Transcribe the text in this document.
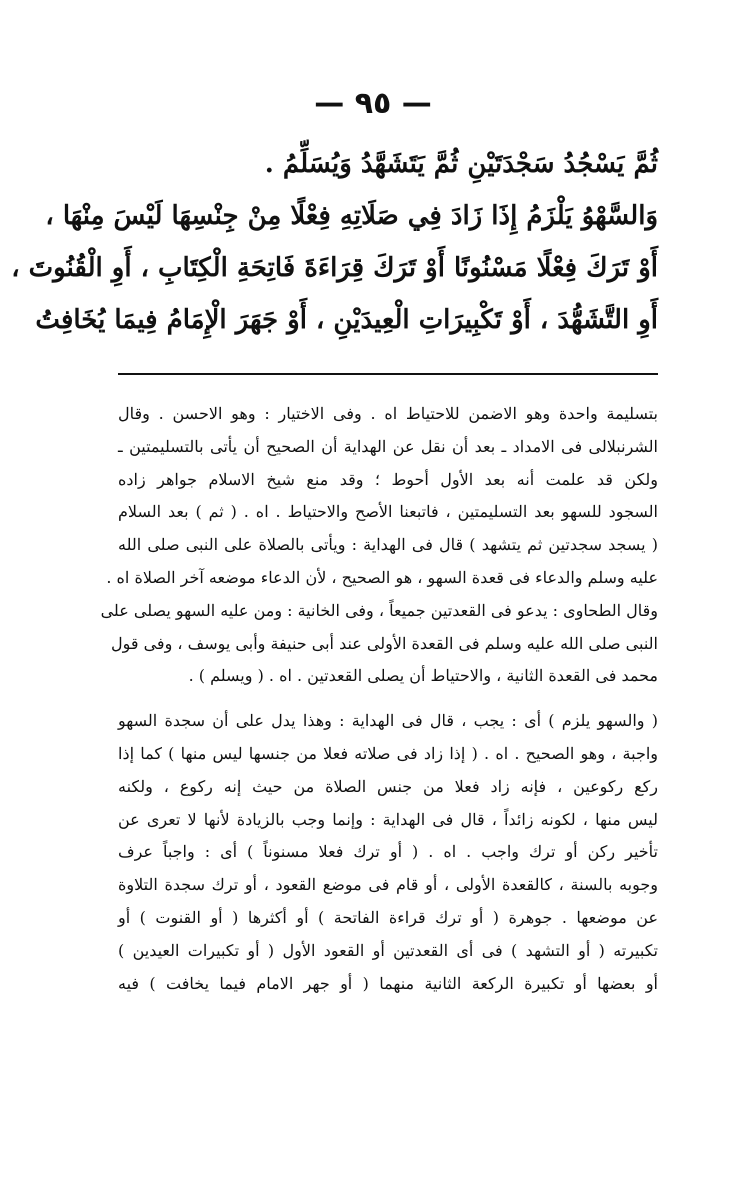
— ٩٥ —
ثُمَّ يَسْجُدُ سَجْدَتَيْنِ ثُمَّ يَتَشَهَّدُ وَيُسَلِّمُ .
وَالسَّهْوُ يَلْزَمُ إِذَا زَادَ فِي صَلَاتِهِ فِعْلًا مِنْ جِنْسِهَا لَيْسَ مِنْهَا ،
أَوْ تَرَكَ فِعْلًا مَسْنُونًا أَوْ تَرَكَ قِرَاءَةَ فَاتِحَةِ الْكِتَابِ ، أَوِ الْقُنُوتَ ،
أَوِ التَّشَهُّدَ ، أَوْ تَكْبِيرَاتِ الْعِيدَيْنِ ، أَوْ جَهَرَ الْإِمَامُ فِيمَا يُخَافِتُ
بتسليمة واحدة وهو الاضمن للاحتياط اه . وفى الاختيار : وهو الاحسن . وقال
الشرنبلالى فى الامداد ـ بعد أن نقل عن الهداية أن الصحيح أن يأتى بالتسليمتين ـ
ولكن قد علمت أنه بعد الأول أحوط ؛ وقد منع شيخ الاسلام جواهر زاده
السجود للسهو بعد التسليمتين ، فاتبعنا الأصح والاحتياط . اه . ( ثم ) بعد السلام
( يسجد سجدتين ثم يتشهد ) قال فى الهداية : ويأتى بالصلاة على النبى صلى الله
عليه وسلم والدعاء فى قعدة السهو ، هو الصحيح ، لأن الدعاء موضعه آخر الصلاة اه .
وقال الطحاوى : يدعو فى القعدتين جميعاً ، وفى الخانية : ومن عليه السهو يصلى على
النبى صلى الله عليه وسلم فى القعدة الأولى عند أبى حنيفة وأبى يوسف ، وفى قول
محمد فى القعدة الثانية ، والاحتياط أن يصلى القعدتين . اه . ( ويسلم ) .
( والسهو يلزم ) أى : يجب ، قال فى الهداية : وهذا يدل على أن سجدة السهو
واجبة ، وهو الصحيح . اه . ( إذا زاد فى صلاته فعلا من جنسها ليس منها ) كما إذا
ركع ركوعين ، فإنه زاد فعلا من جنس الصلاة من حيث إنه ركوع ، ولكنه
ليس منها ، لكونه زائداً ، قال فى الهداية : وإنما وجب بالزيادة لأنها لا تعرى عن
تأخير ركن أو ترك واجب . اه . ( أو ترك فعلا مسنوناً ) أى : واجباً عرف
وجوبه بالسنة ، كالقعدة الأولى ، أو قام فى موضع القعود ، أو ترك سجدة التلاوة
عن موضعها . جوهرة ( أو ترك قراءة الفاتحة ) أو أكثرها ( أو القنوت ) أو
تكبيرته ( أو التشهد ) فى أى القعدتين أو القعود الأول ( أو تكبيرات العيدين )
أو بعضها أو تكبيرة الركعة الثانية منهما ( أو جهر الامام فيما يخافت ) فيه
